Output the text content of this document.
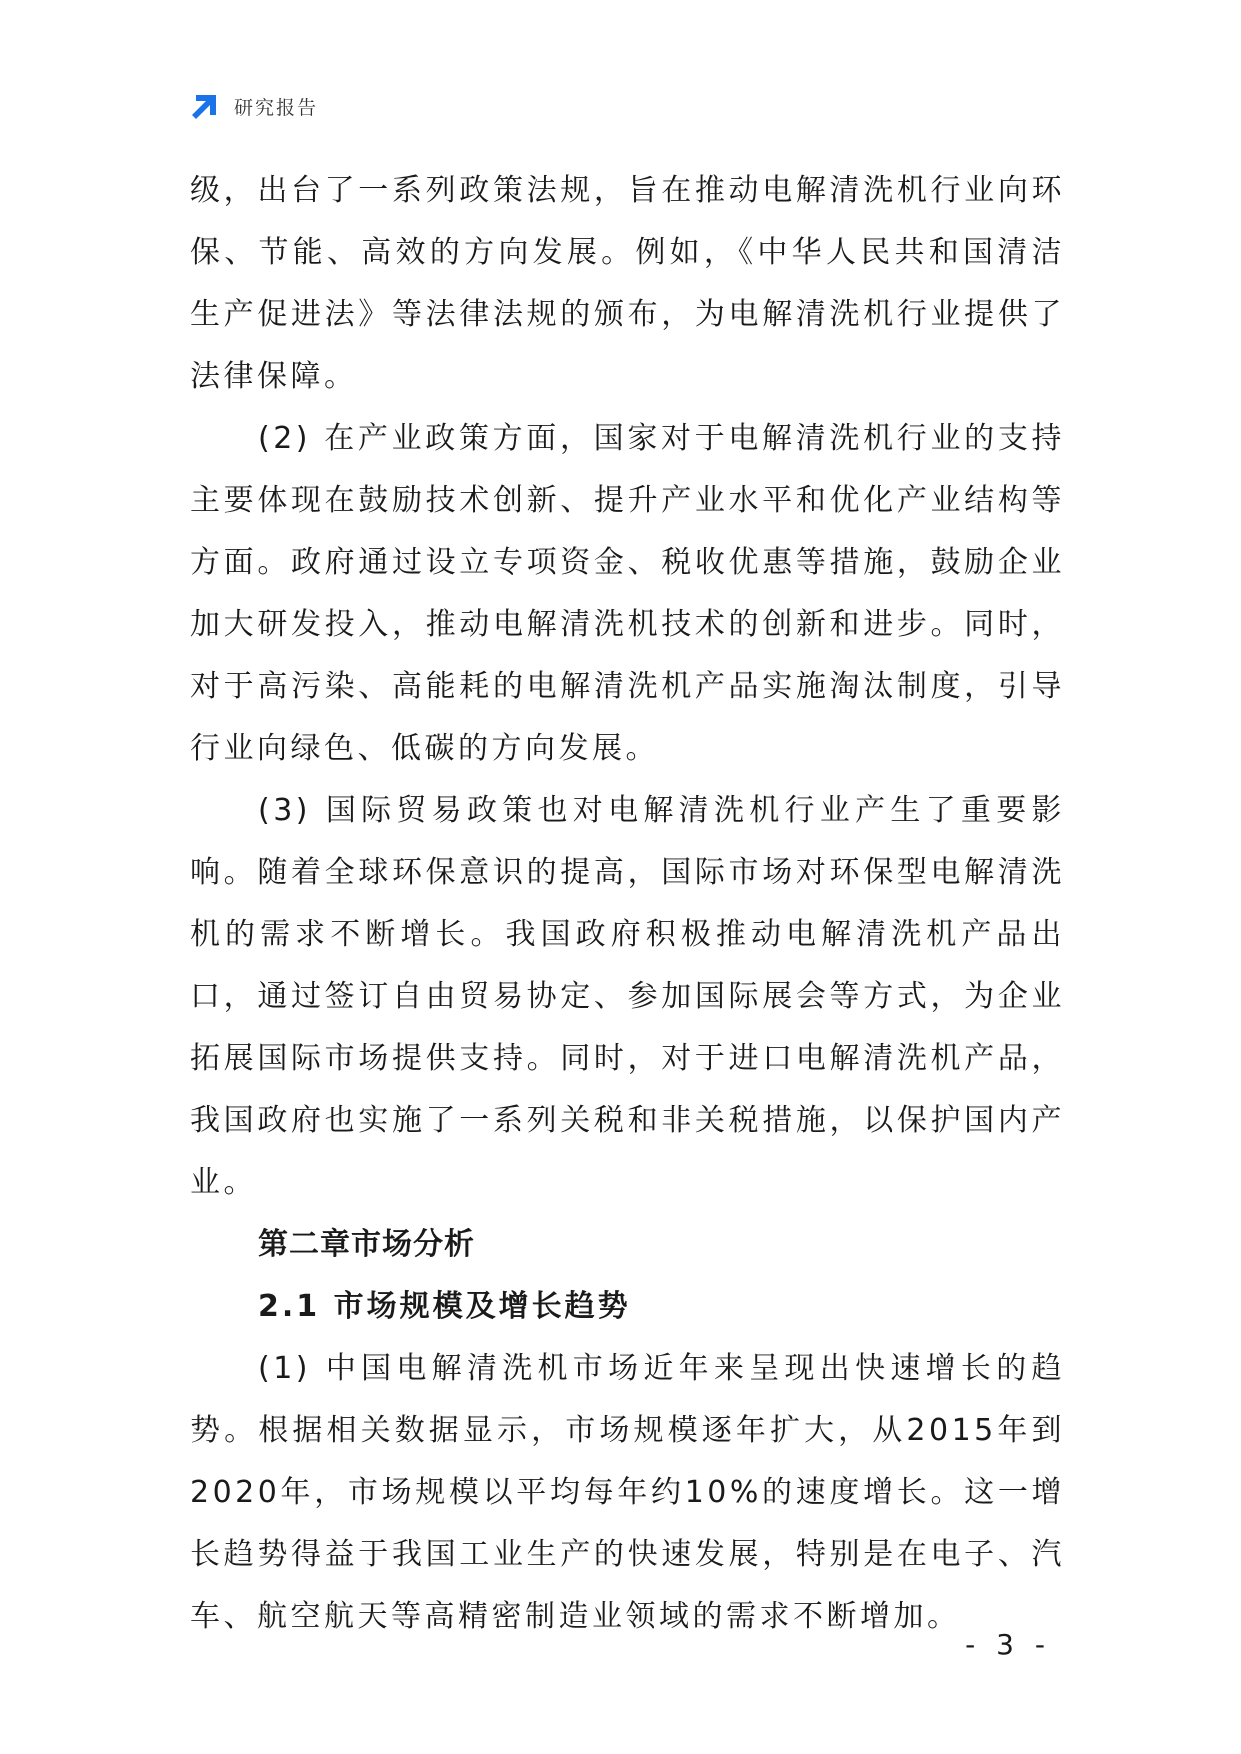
研究报告

级，出台了一系列政策法规，旨在推动电解清洗机行业向环保、节能、高效的方向发展。例如，《中华人民共和国清洁生产促进法》等法律法规的颁布，为电解清洗机行业提供了法律保障。

(2) 在产业政策方面，国家对于电解清洗机行业的支持主要体现在鼓励技术创新、提升产业水平和优化产业结构等方面。政府通过设立专项资金、税收优惠等措施，鼓励企业加大研发投入，推动电解清洗机技术的创新和进步。同时，对于高污染、高能耗的电解清洗机产品实施淘汰制度，引导行业向绿色、低碳的方向发展。

(3) 国际贸易政策也对电解清洗机行业产生了重要影响。随着全球环保意识的提高，国际市场对环保型电解清洗机的需求不断增长。我国政府积极推动电解清洗机产品出口，通过签订自由贸易协定、参加国际展会等方式，为企业拓展国际市场提供支持。同时，对于进口电解清洗机产品，我国政府也实施了一系列关税和非关税措施，以保护国内产业。

第二章市场分析
2.1 市场规模及增长趋势

(1) 中国电解清洗机市场近年来呈现出快速增长的趋势。根据相关数据显示，市场规模逐年扩大，从2015年到2020年，市场规模以平均每年约10%的速度增长。这一增长趋势得益于我国工业生产的快速发展，特别是在电子、汽车、航空航天等高精密制造业领域的需求不断增加。

- 3 -
